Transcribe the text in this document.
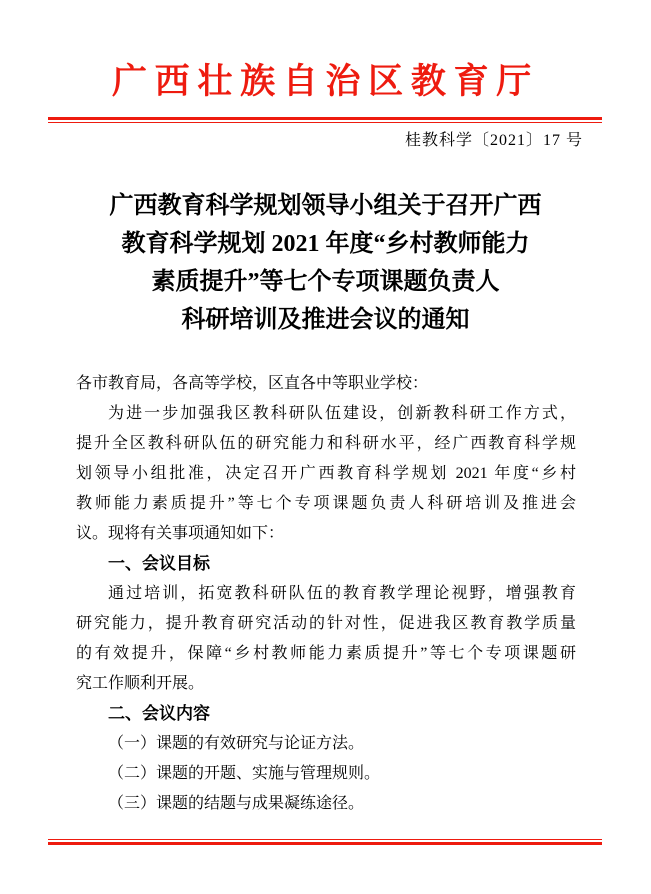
广西壮族自治区教育厅
桂教科学〔2021〕17 号
广西教育科学规划领导小组关于召开广西
教育科学规划 2021 年度“乡村教师能力
素质提升”等七个专项课题负责人
科研培训及推进会议的通知
各市教育局，各高等学校，区直各中等职业学校：
为进一步加强我区教科研队伍建设，创新教科研工作方式，
提升全区教科研队伍的研究能力和科研水平，经广西教育科学规
划领导小组批准，决定召开广西教育科学规划 2021 年度“乡村
教师能力素质提升”等七个专项课题负责人科研培训及推进会
议。现将有关事项通知如下：
一、会议目标
通过培训，拓宽教科研队伍的教育教学理论视野，增强教育
研究能力，提升教育研究活动的针对性，促进我区教育教学质量
的有效提升，保障“乡村教师能力素质提升”等七个专项课题研
究工作顺利开展。
二、会议内容
（一）课题的有效研究与论证方法。
（二）课题的开题、实施与管理规则。
（三）课题的结题与成果凝练途径。
